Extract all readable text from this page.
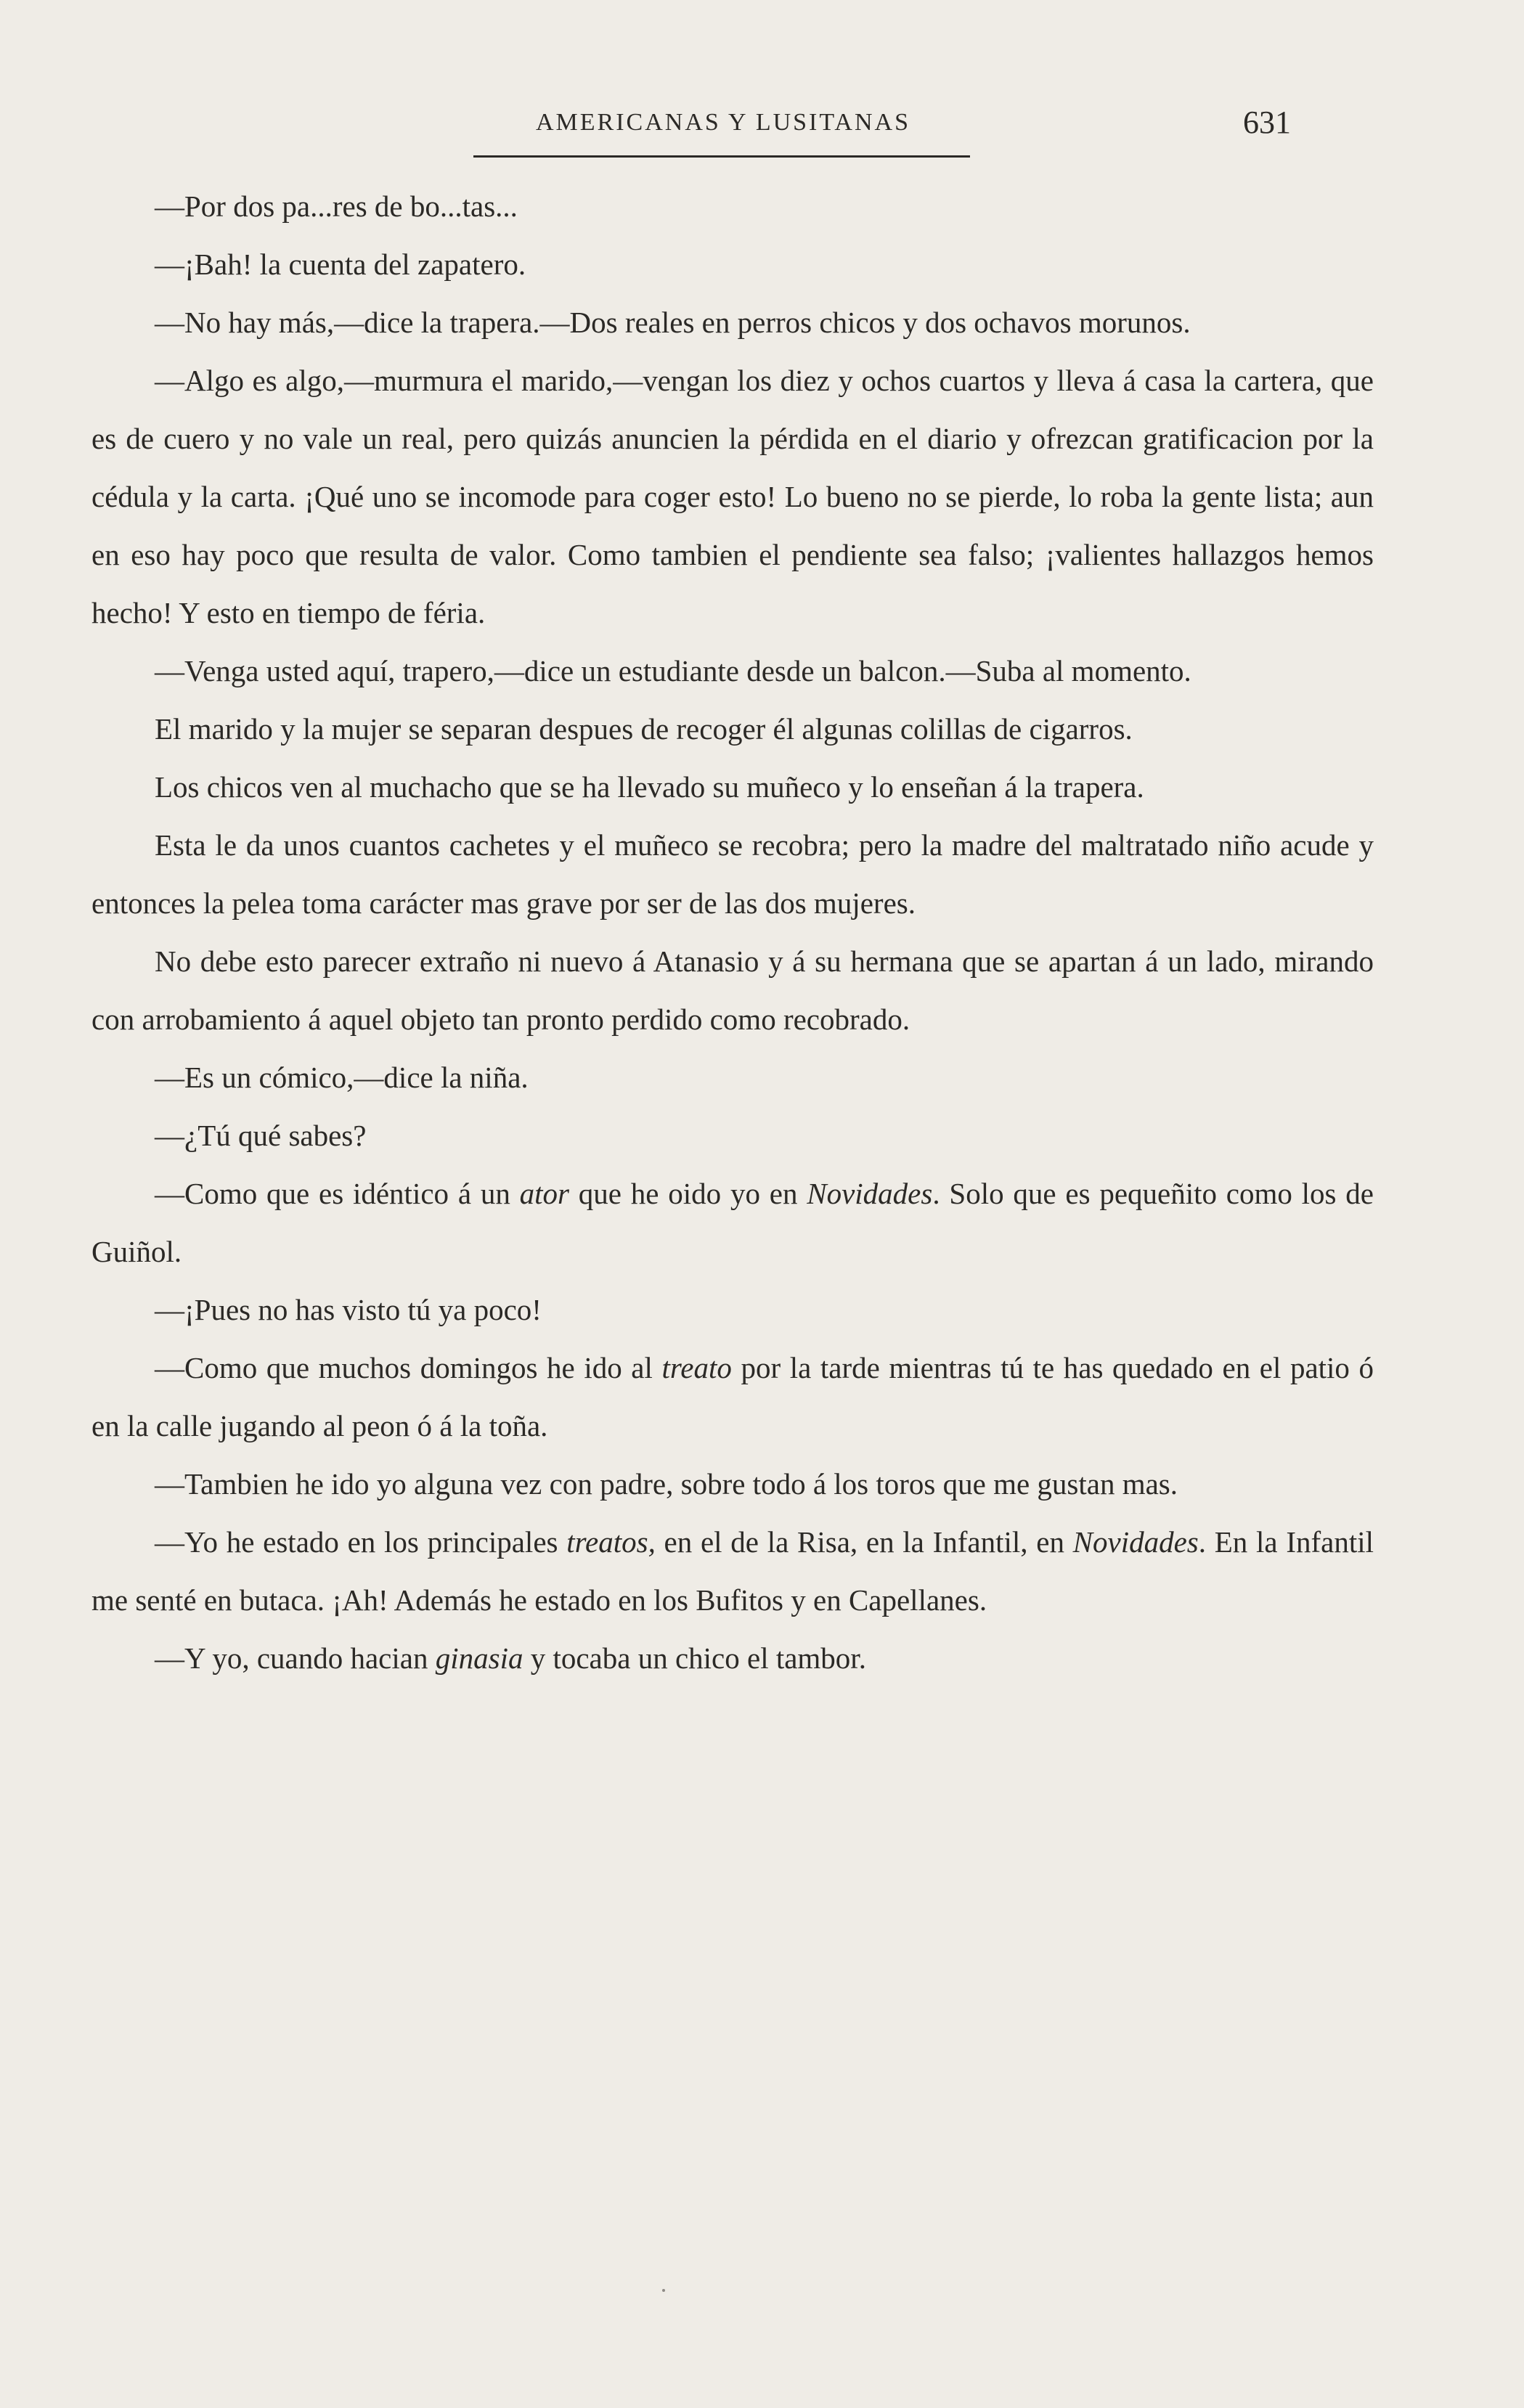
AMERICANAS Y LUSITANAS	631

—Por dos pa...res de bo...tas...

—¡Bah! la cuenta del zapatero.

—No hay más,—dice la trapera.—Dos reales en perros chicos y dos ochavos morunos.

—Algo es algo,—murmura el marido,—vengan los diez y ochos cuartos y lleva á casa la cartera, que es de cuero y no vale un real, pero quizás anuncien la pérdida en el diario y ofrezcan gratificacion por la cédula y la carta. ¡Qué uno se incomode para coger esto! Lo bueno no se pierde, lo roba la gente lista; aun en eso hay poco que resulta de valor. Como tambien el pendiente sea falso; ¡valientes hallazgos hemos hecho! Y esto en tiempo de féria.

—Venga usted aquí, trapero,—dice un estudiante desde un balcon.—Suba al momento.

El marido y la mujer se separan despues de recoger él algunas colillas de cigarros.

Los chicos ven al muchacho que se ha llevado su muñeco y lo enseñan á la trapera.

Esta le da unos cuantos cachetes y el muñeco se recobra; pero la madre del maltratado niño acude y entonces la pelea toma carácter mas grave por ser de las dos mujeres.

No debe esto parecer extraño ni nuevo á Atanasio y á su hermana que se apartan á un lado, mirando con arrobamiento á aquel objeto tan pronto perdido como recobrado.

—Es un cómico,—dice la niña.

—¿Tú qué sabes?

—Como que es idéntico á un ator que he oido yo en Novidades. Solo que es pequeñito como los de Guiñol.

—¡Pues no has visto tú ya poco!

—Como que muchos domingos he ido al treato por la tarde mientras tú te has quedado en el patio ó en la calle jugando al peon ó á la toña.

—Tambien he ido yo alguna vez con padre, sobre todo á los toros que me gustan mas.

—Yo he estado en los principales treatos, en el de la Risa, en la Infantil, en Novidades. En la Infantil me senté en butaca. ¡Ah! Además he estado en los Bufitos y en Capellanes.

—Y yo, cuando hacian ginasia y tocaba un chico el tambor.
